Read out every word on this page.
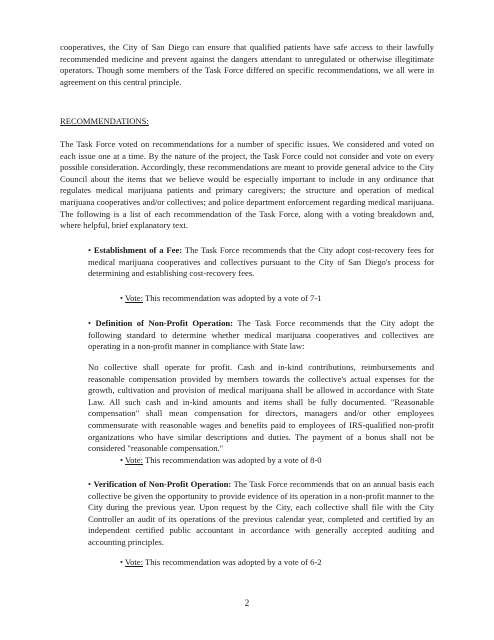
cooperatives, the City of San Diego can ensure that qualified patients have safe access to their lawfully recommended medicine and prevent against the dangers attendant to unregulated or otherwise illegitimate operators. Though some members of the Task Force differed on specific recommendations, we all were in agreement on this central principle.

RECOMMENDATIONS:

The Task Force voted on recommendations for a number of specific issues. We considered and voted on each issue one at a time. By the nature of the project, the Task Force could not consider and vote on every possible consideration. Accordingly, these recommendations are meant to provide general advice to the City Council about the items that we believe would be especially important to include in any ordinance that regulates medical marijuana patients and primary caregivers; the structure and operation of medical marijuana cooperatives and/or collectives; and police department enforcement regarding medical marijuana. The following is a list of each recommendation of the Task Force, along with a voting breakdown and, where helpful, brief explanatory text.

• Establishment of a Fee: The Task Force recommends that the City adopt cost-recovery fees for medical marijuana cooperatives and collectives pursuant to the City of San Diego's process for determining and establishing cost-recovery fees.

• Vote: This recommendation was adopted by a vote of 7-1

• Definition of Non-Profit Operation: The Task Force recommends that the City adopt the following standard to determine whether medical marijuana cooperatives and collectives are operating in a non-profit manner in compliance with State law:

No collective shall operate for profit. Cash and in-kind contributions, reimbursements and reasonable compensation provided by members towards the collective's actual expenses for the growth, cultivation and provision of medical marijuana shall be allowed in accordance with State Law. All such cash and in-kind amounts and items shall be fully documented. "Reasonable compensation" shall mean compensation for directors, managers and/or other employees commensurate with reasonable wages and benefits paid to employees of IRS-qualified non-profit organizations who have similar descriptions and duties. The payment of a bonus shall not be considered "reasonable compensation."

• Vote: This recommendation was adopted by a vote of 8-0

• Verification of Non-Profit Operation: The Task Force recommends that on an annual basis each collective be given the opportunity to provide evidence of its operation in a non-profit manner to the City during the previous year. Upon request by the City, each collective shall file with the City Controller an audit of its operations of the previous calendar year, completed and certified by an independent certified public accountant in accordance with generally accepted auditing and accounting principles.

• Vote: This recommendation was adopted by a vote of 6-2
2
